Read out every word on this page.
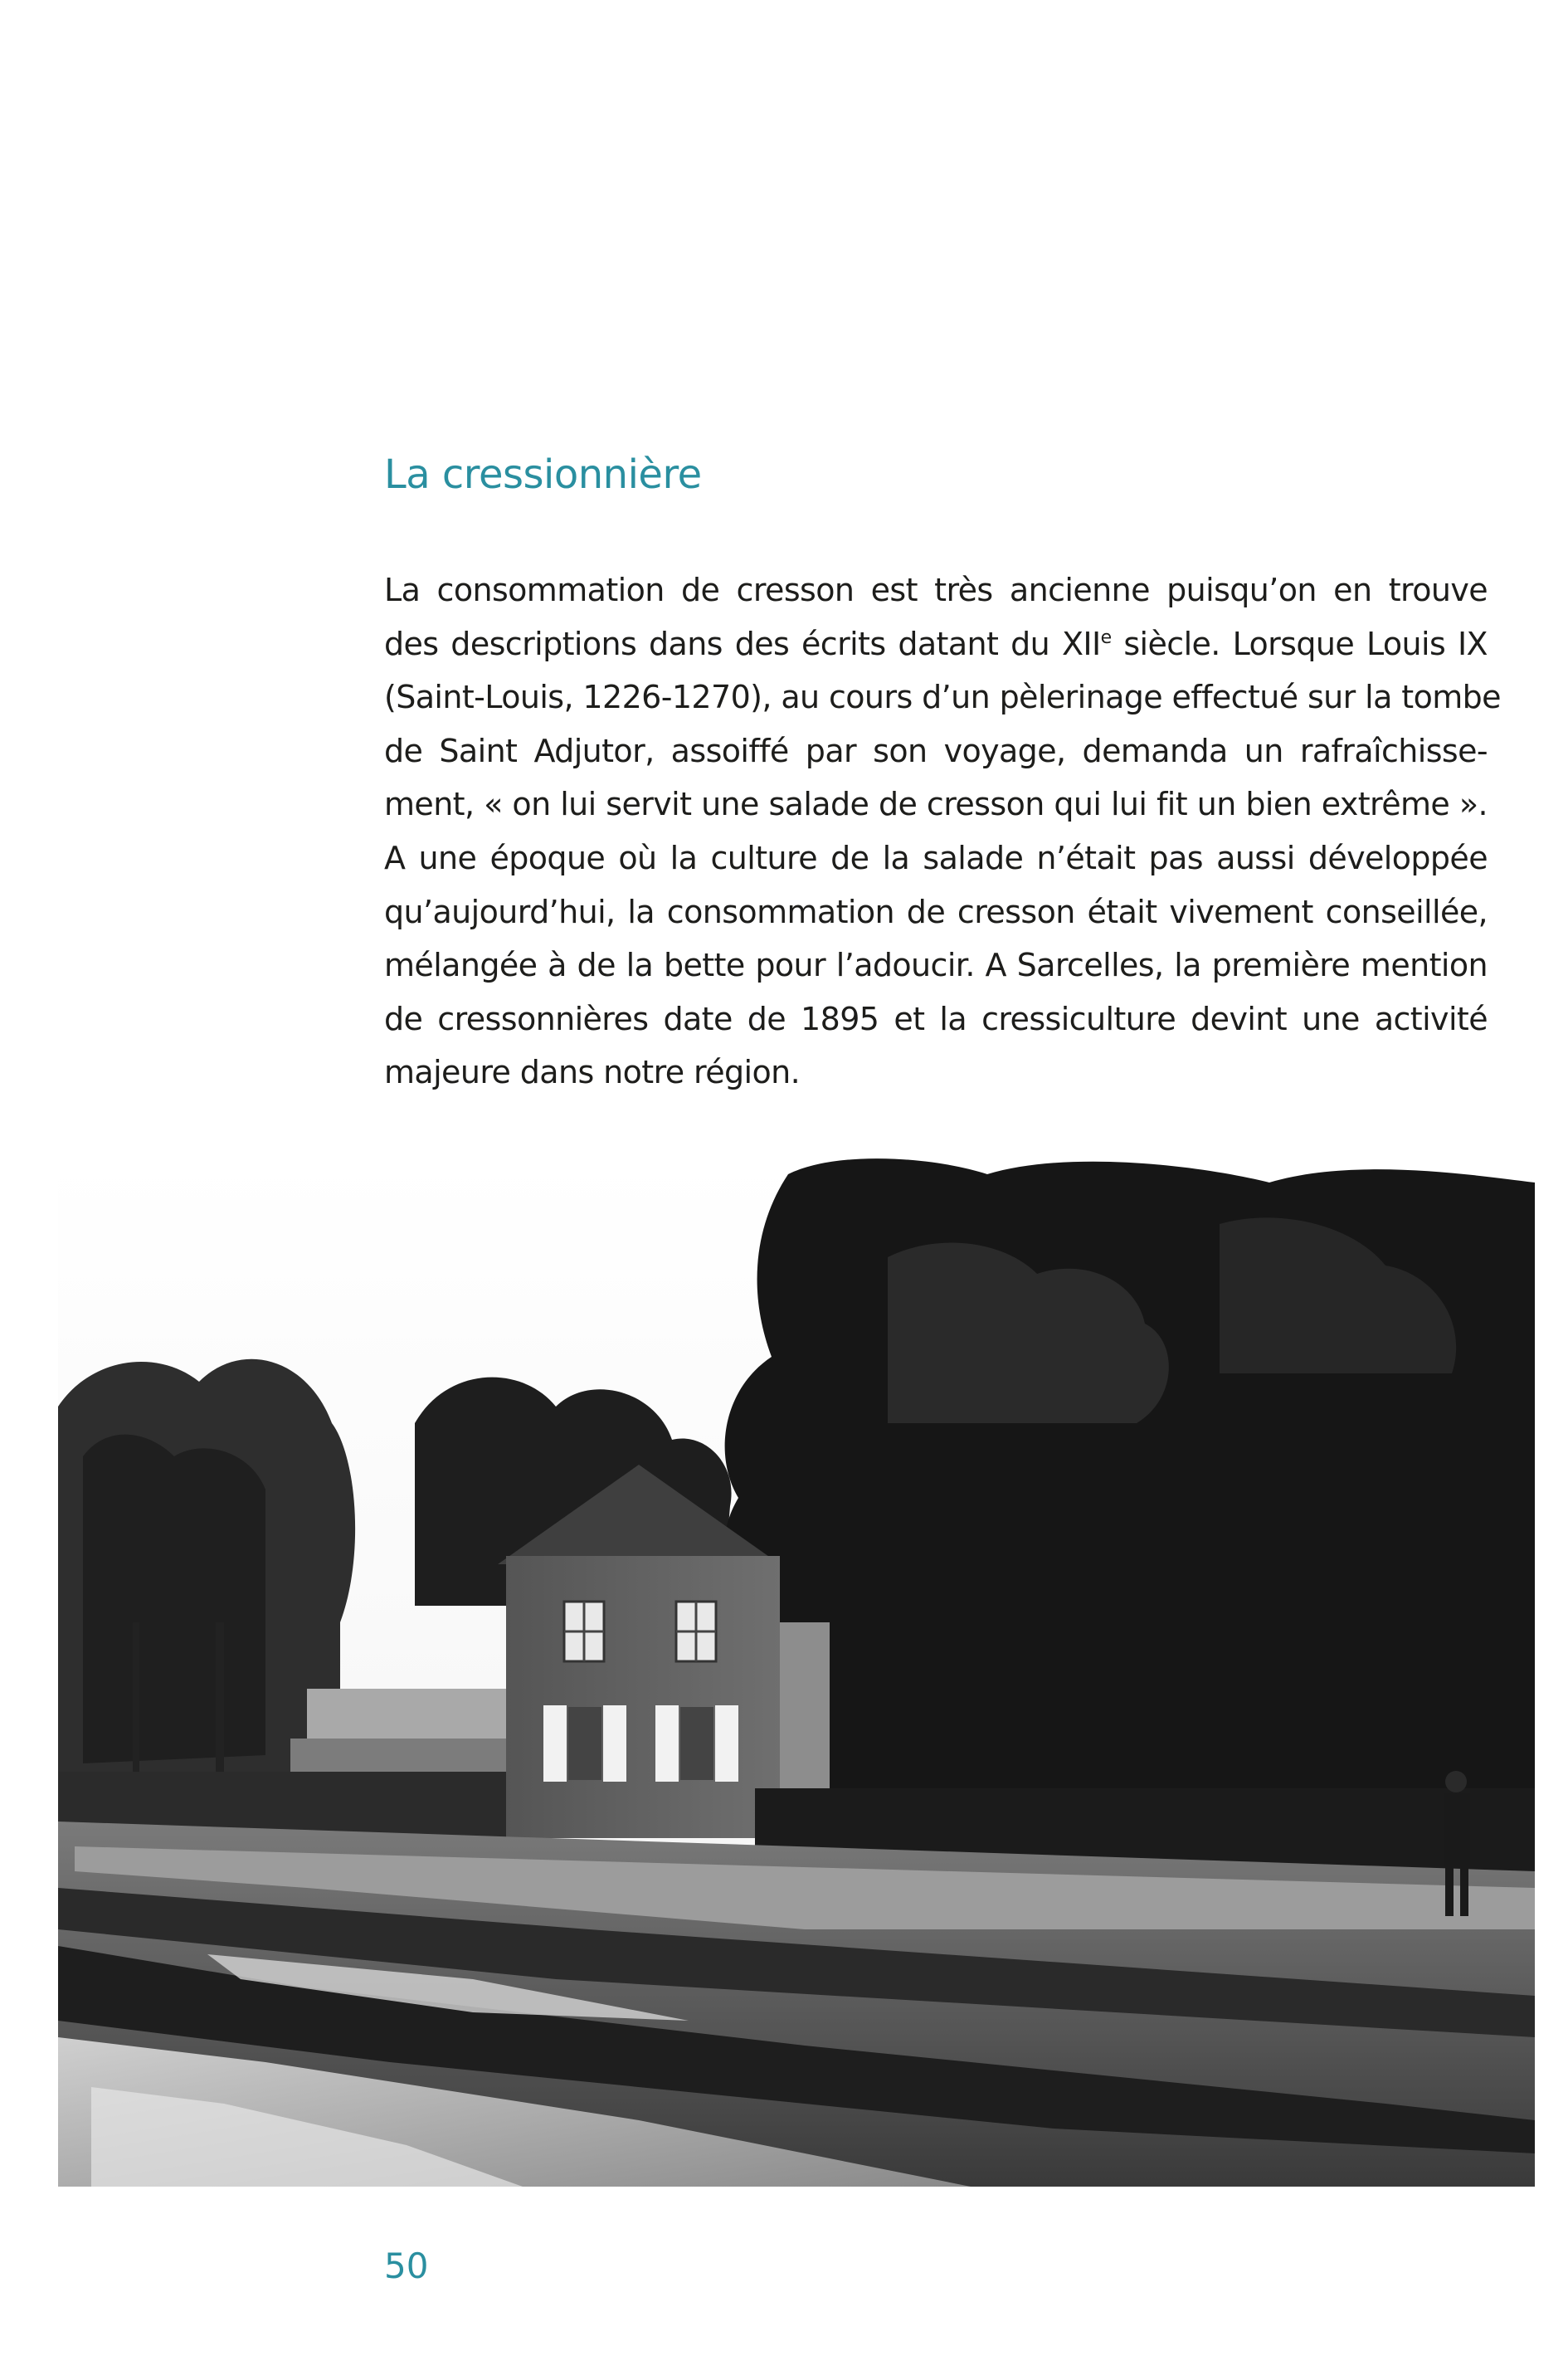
La cressionnière

La consommation de cresson est très ancienne puisqu’on en trouve
des descriptions dans des écrits datant du XIIe siècle. Lorsque Louis IX
(Saint-Louis, 1226-1270), au cours d’un pèlerinage effectué sur la tombe
de Saint Adjutor, assoiffé par son voyage, demanda un rafraîchisse-
ment, « on lui servit une salade de cresson qui lui fit un bien extrême ».
A une époque où la culture de la salade n’était pas aussi développée
qu’aujourd’hui, la consommation de cresson était vivement conseillée,
mélangée à de la bette pour l’adoucir. A Sarcelles, la première mention
de cressonnières date de 1895 et la cressiculture devint une activité
majeure dans notre région.

50
